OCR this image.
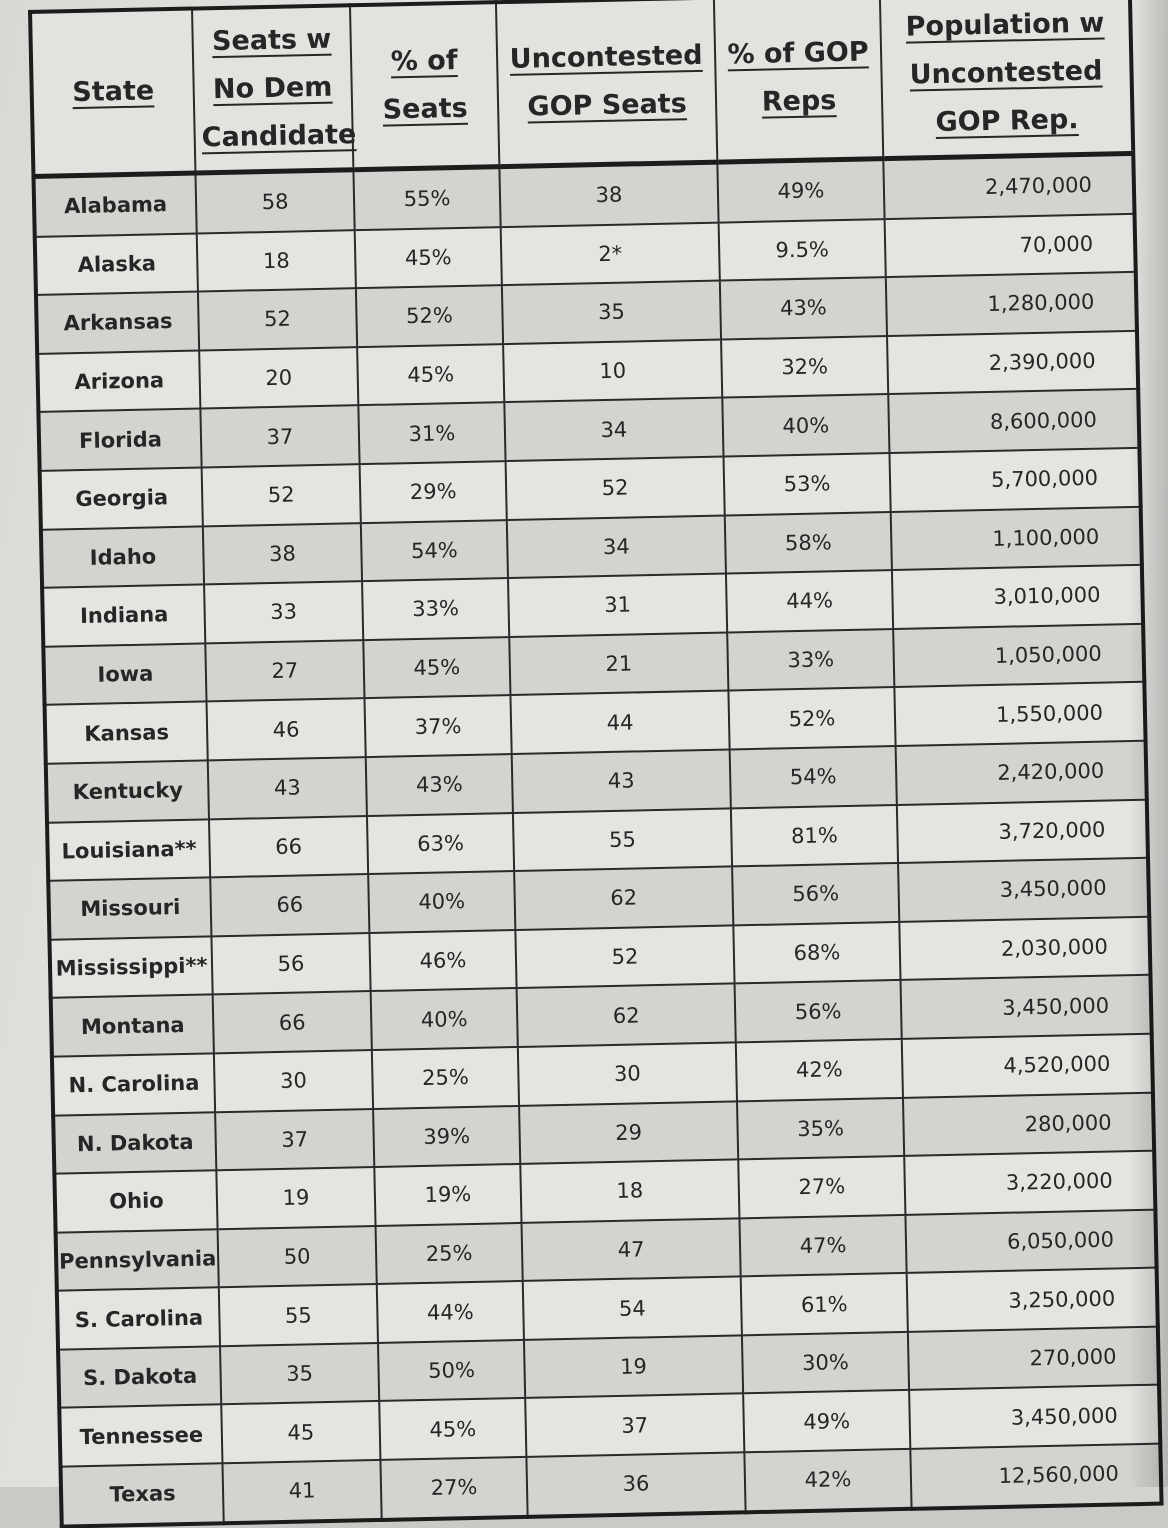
State	Seats w No Dem Candidate	% of Seats	Uncontested GOP Seats	% of GOP Reps	Population w Uncontested GOP Rep.
Alabama	58	55%	38	49%	2,470,000
Alaska	18	45%	2*	9.5%	70,000
Arkansas	52	52%	35	43%	1,280,000
Arizona	20	45%	10	32%	2,390,000
Florida	37	31%	34	40%	8,600,000
Georgia	52	29%	52	53%	5,700,000
Idaho	38	54%	34	58%	1,100,000
Indiana	33	33%	31	44%	3,010,000
Iowa	27	45%	21	33%	1,050,000
Kansas	46	37%	44	52%	1,550,000
Kentucky	43	43%	43	54%	2,420,000
Louisiana**	66	63%	55	81%	3,720,000
Missouri	66	40%	62	56%	3,450,000
Mississippi**	56	46%	52	68%	2,030,000
Montana	66	40%	62	56%	3,450,000
N. Carolina	30	25%	30	42%	4,520,000
N. Dakota	37	39%	29	35%	280,000
Ohio	19	19%	18	27%	3,220,000
Pennsylvania	50	25%	47	47%	6,050,000
S. Carolina	55	44%	54	61%	3,250,000
S. Dakota	35	50%	19	30%	270,000
Tennessee	45	45%	37	49%	3,450,000
Texas	41	27%	36	42%	12,560,000
